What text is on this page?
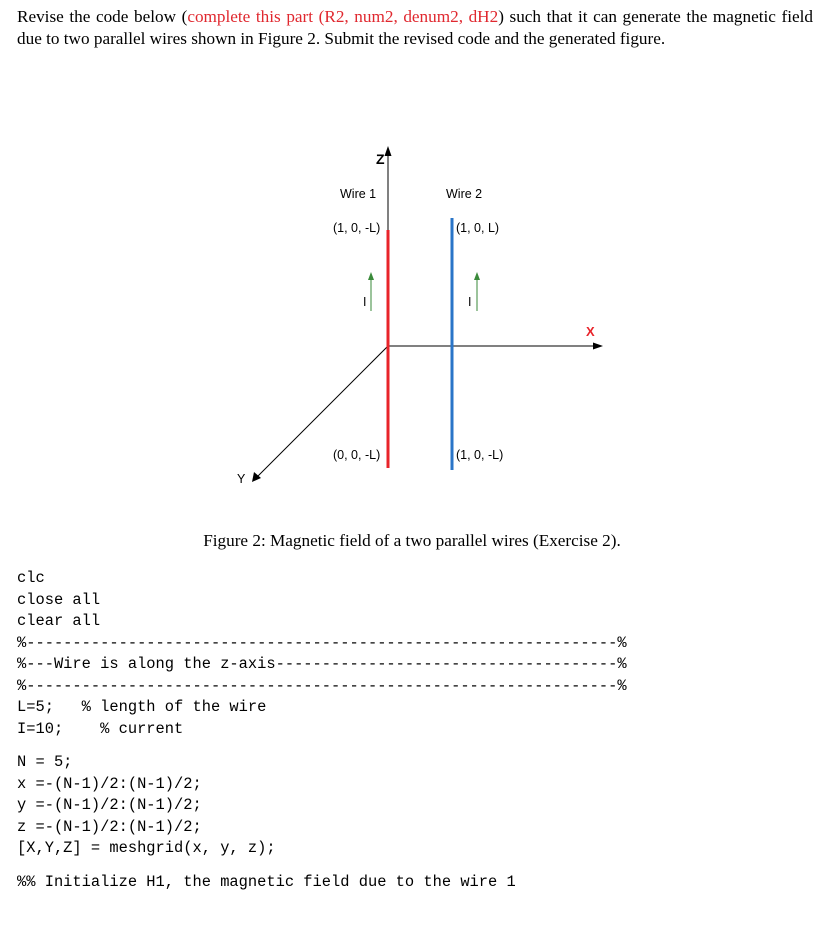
Revise the code below (complete this part (R2, num2, denum2, dH2) such that it can generate the magnetic field due to two parallel wires shown in Figure 2. Submit the revised code and the generated figure.
Z
X
Y
Wire 1	Wire 2
(1, 0, -L)	(1, 0, L)
(0, 0, -L)	(1, 0, -L)
I	I
Figure 2: Magnetic field of a two parallel wires (Exercise 2).
clc
close all
clear all
%----------------------------------------------------------------%
%---Wire is along the z-axis-------------------------------------%
%----------------------------------------------------------------%
L=5;   % length of the wire
I=10;    % current
N = 5;
x =-(N-1)/2:(N-1)/2;
y =-(N-1)/2:(N-1)/2;
z =-(N-1)/2:(N-1)/2;
[X,Y,Z] = meshgrid(x, y, z);
%% Initialize H1, the magnetic field due to the wire 1
